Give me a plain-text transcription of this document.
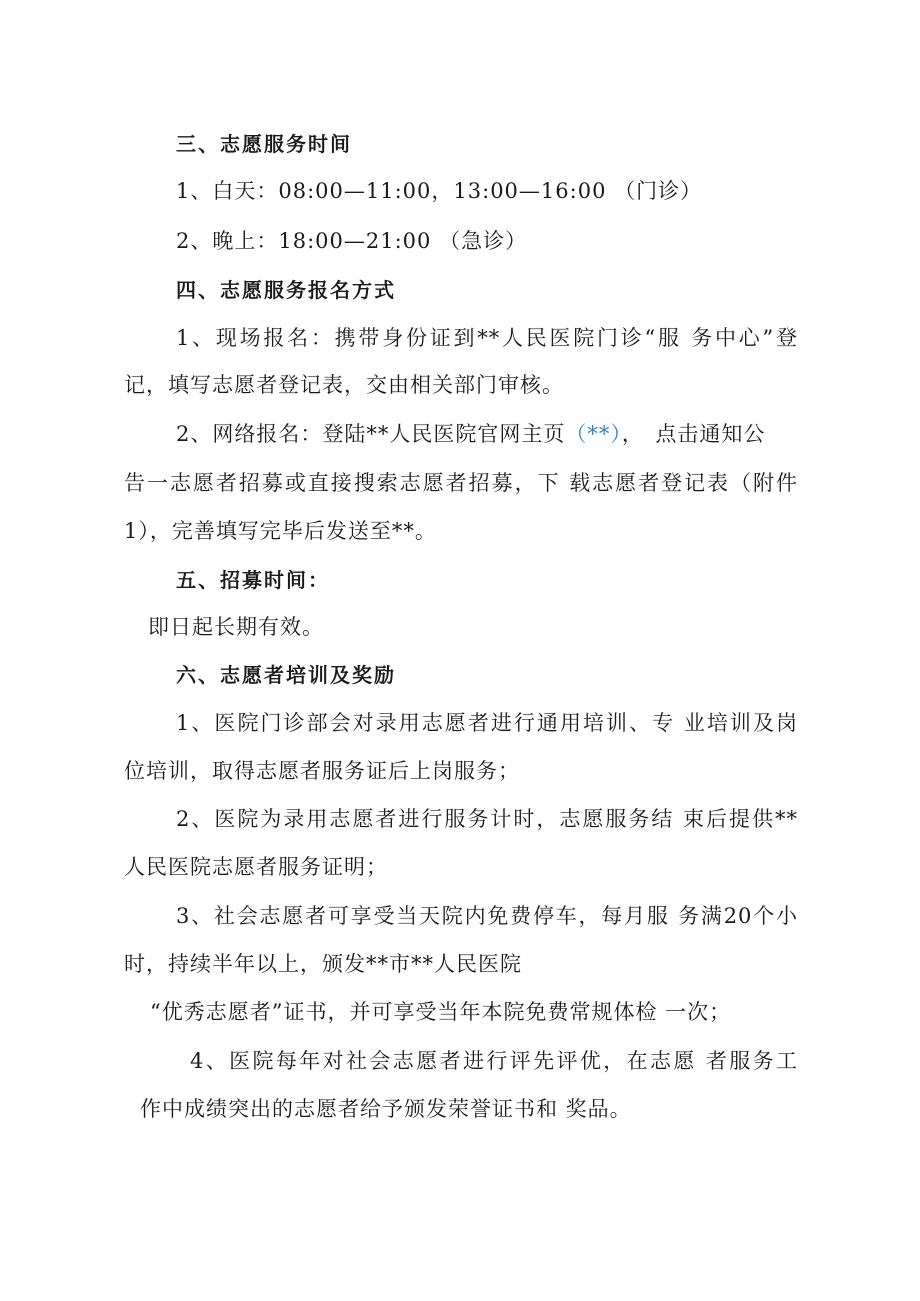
三、志愿服务时间
1、白天：08:00—11:00，13:00—16:00 （门诊）
2、晚上：18:00—21:00 （急诊）
四、志愿服务报名方式
1、现场报名：携带身份证到**人民医院门诊“服 务中心”登
记，填写志愿者登记表，交由相关部门审核。
2、网络报名：登陆**人民医院官网主页（**），　点击通知公
告一志愿者招募或直接搜索志愿者招募，下 载志愿者登记表（附件
1），完善填写完毕后发送至**。
五、招募时间：
即日起长期有效。
六、志愿者培训及奖励
1、医院门诊部会对录用志愿者进行通用培训、专 业培训及岗
位培训，取得志愿者服务证后上岗服务；
2、医院为录用志愿者进行服务计时，志愿服务结 束后提供**
人民医院志愿者服务证明；
3、社会志愿者可享受当天院内免费停车，每月服 务满20个小
时，持续半年以上，颁发**市**人民医院
“优秀志愿者”证书，并可享受当年本院免费常规体检 一次；
4、医院每年对社会志愿者进行评先评优，在志愿 者服务工
作中成绩突出的志愿者给予颁发荣誉证书和 奖品。
